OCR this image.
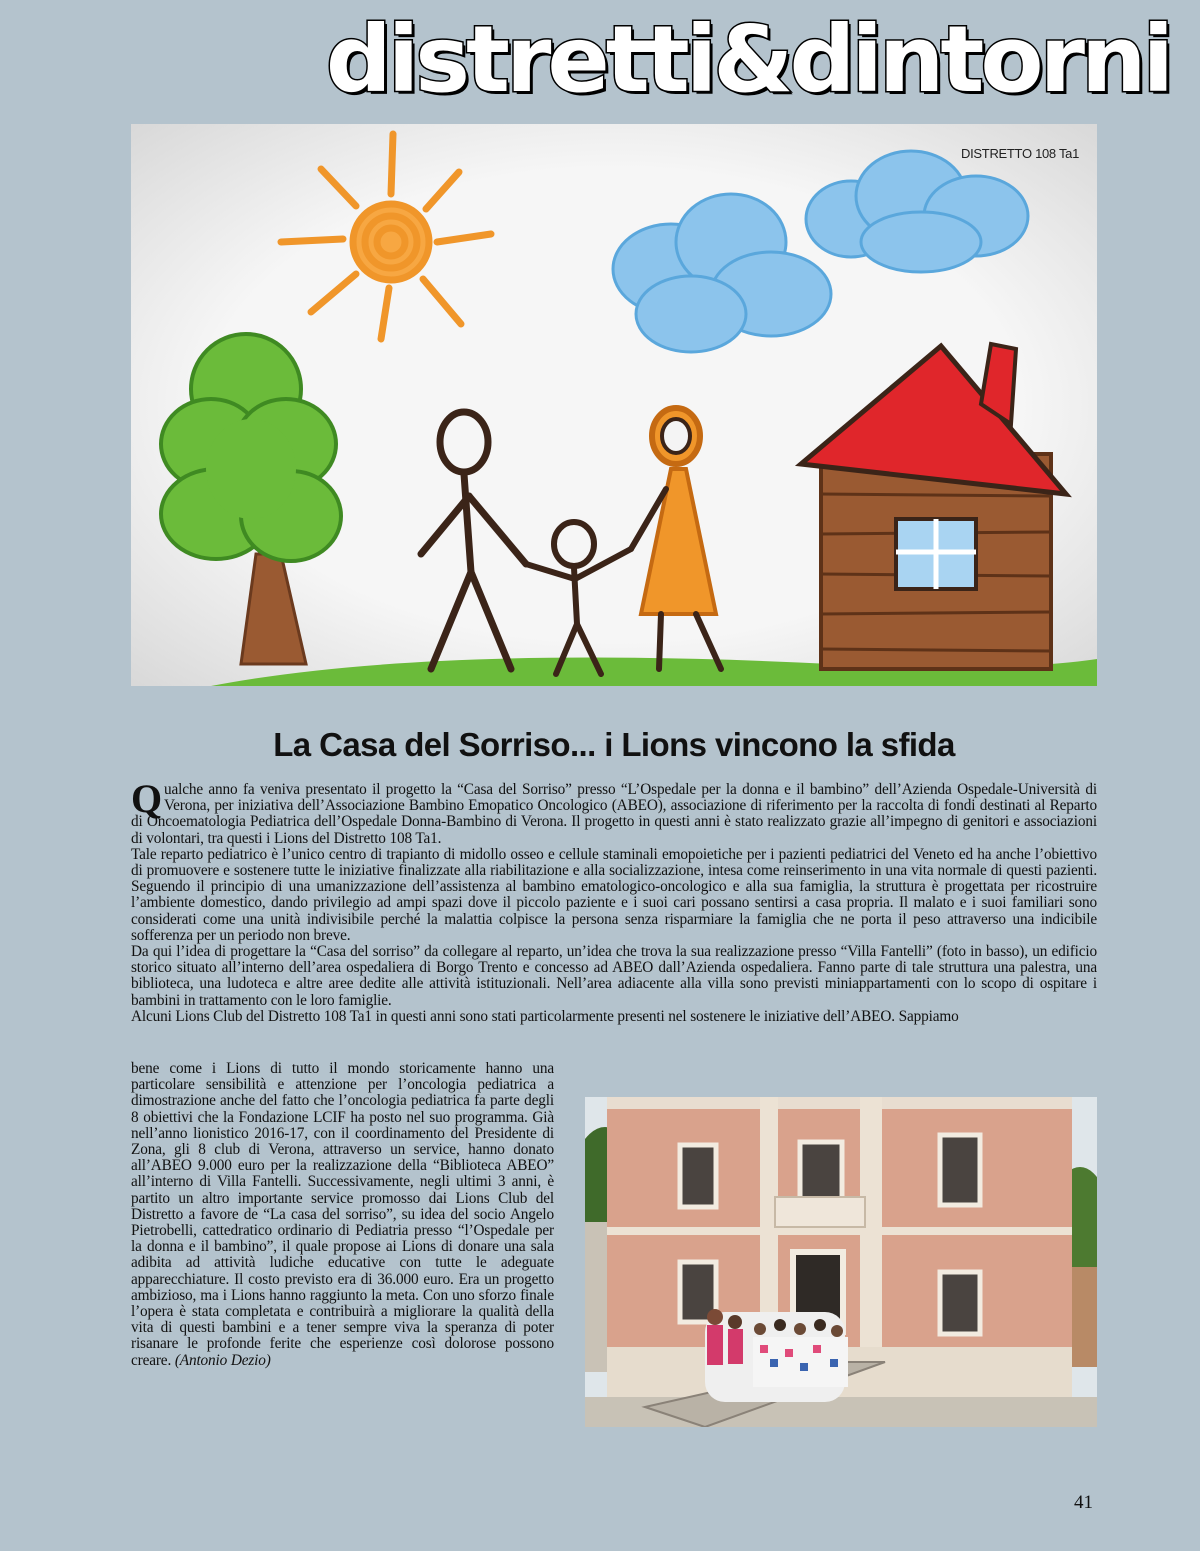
distretti&dintorni
DISTRETTO 108 Ta1
La Casa del Sorriso... i Lions vincono la sfida

Qualche anno fa veniva presentato il progetto la “Casa del Sorriso” presso “L’Ospedale per la donna e il bambino” dell’Azienda Ospedale-Università di Verona, per iniziativa dell’Associazione Bambino Emopatico Oncologico (ABEO), associazione di riferimento per la raccolta di fondi destinati al Reparto di Oncoematologia Pediatrica dell’Ospedale Donna-Bambino di Verona. Il progetto in questi anni è stato realizzato grazie all’impegno di genitori e associazioni di volontari, tra questi i Lions del Distretto 108 Ta1.

Tale reparto pediatrico è l’unico centro di trapianto di midollo osseo e cellule staminali emopoietiche per i pazienti pediatrici del Veneto ed ha anche l’obiettivo di promuovere e sostenere tutte le iniziative finalizzate alla riabilitazione e alla socializzazione, intesa come reinserimento in una vita normale di questi pazienti. Seguendo il principio di una umanizzazione dell’assistenza al bambino ematologico-oncologico e alla sua famiglia, la struttura è progettata per ricostruire l’ambiente domestico, dando privilegio ad ampi spazi dove il piccolo paziente e i suoi cari possano sentirsi a casa propria. Il malato e i suoi familiari sono considerati come una unità indivisibile perché la malattia colpisce la persona senza risparmiare la famiglia che ne porta il peso attraverso una indicibile sofferenza per un periodo non breve.

Da qui l’idea di progettare la “Casa del sorriso” da collegare al reparto, un’idea che trova la sua realizzazione presso “Villa Fantelli” (foto in basso), un edificio storico situato all’interno dell’area ospedaliera di Borgo Trento e concesso ad ABEO dall’Azienda ospedaliera. Fanno parte di tale struttura una palestra, una biblioteca, una ludoteca e altre aree dedite alle attività istituzionali. Nell’area adiacente alla villa sono previsti miniappartamenti con lo scopo di ospitare i bambini in trattamento con le loro famiglie.

Alcuni Lions Club del Distretto 108 Ta1 in questi anni sono stati particolarmente presenti nel sostenere le iniziative dell’ABEO. Sappiamo

bene come i Lions di tutto il mondo storicamente hanno una particolare sensibilità e attenzione per l’oncologia pediatrica a dimostrazione anche del fatto che l’oncologia pediatrica fa parte degli 8 obiettivi che la Fondazione LCIF ha posto nel suo programma. Già nell’anno lionistico 2016-17, con il coordinamento del Presidente di Zona, gli 8 club di Verona, attraverso un service, hanno donato all’ABEO 9.000 euro per la realizzazione della “Biblioteca ABEO” all’interno di Villa Fantelli. Successivamente, negli ultimi 3 anni, è partito un altro importante service promosso dai Lions Club del Distretto a favore de “La casa del sorriso”, su idea del socio Angelo Pietrobelli, cattedratico ordinario di Pediatria presso “l’Ospedale per la donna e il bambino”, il quale propose ai Lions di donare una sala adibita ad attività ludiche educative con tutte le adeguate apparecchiature. Il costo previsto era di 36.000 euro. Era un progetto ambizioso, ma i Lions hanno raggiunto la meta. Con uno sforzo finale l’opera è stata completata e contribuirà a migliorare la qualità della vita di questi bambini e a tener sempre viva la speranza di poter risanare le profonde ferite che esperienze così dolorose possono creare. (Antonio Dezio)

41
